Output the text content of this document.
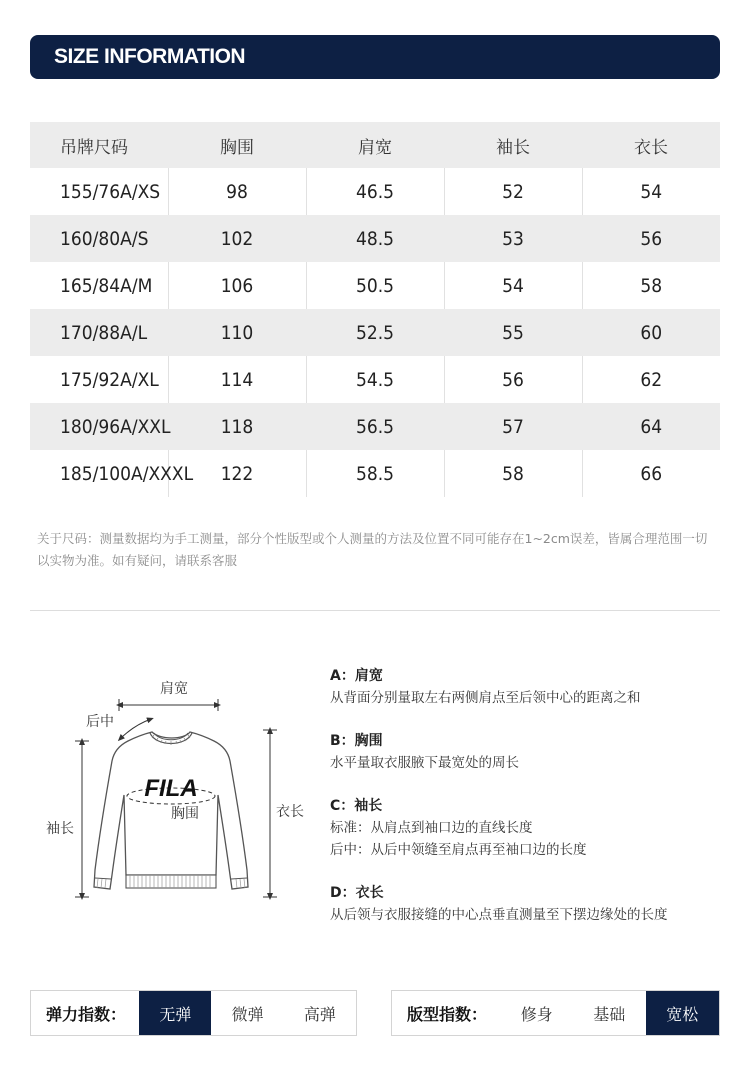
SIZE INFORMATION
吊牌尺码	胸围	肩宽	袖长	衣长
155/76A/XS	98	46.5	52	54
160/80A/S	102	48.5	53	56
165/84A/M	106	50.5	54	58
170/88A/L	110	52.5	55	60
175/92A/XL	114	54.5	56	62
180/96A/XXL	118	56.5	57	64
185/100A/XXXL	122	58.5	58	66
关于尺码：测量数据均为手工测量，部分个性版型或个人测量的方法及位置不同可能存在1~2cm误差，皆属合理范围一切以实物为准。如有疑问，请联系客服
FILA
肩宽
后中
胸围
袖长
衣长
A：肩宽
从背面分别量取左右两侧肩点至后领中心的距离之和
B：胸围
水平量取衣服腋下最宽处的周长
C：袖长
标准：从肩点到袖口边的直线长度
后中：从后中领缝至肩点再至袖口边的长度
D：衣长
从后领与衣服接缝的中心点垂直测量至下摆边缘处的长度
弹力指数：	无弹	微弹	高弹	版型指数：	修身	基础	宽松
